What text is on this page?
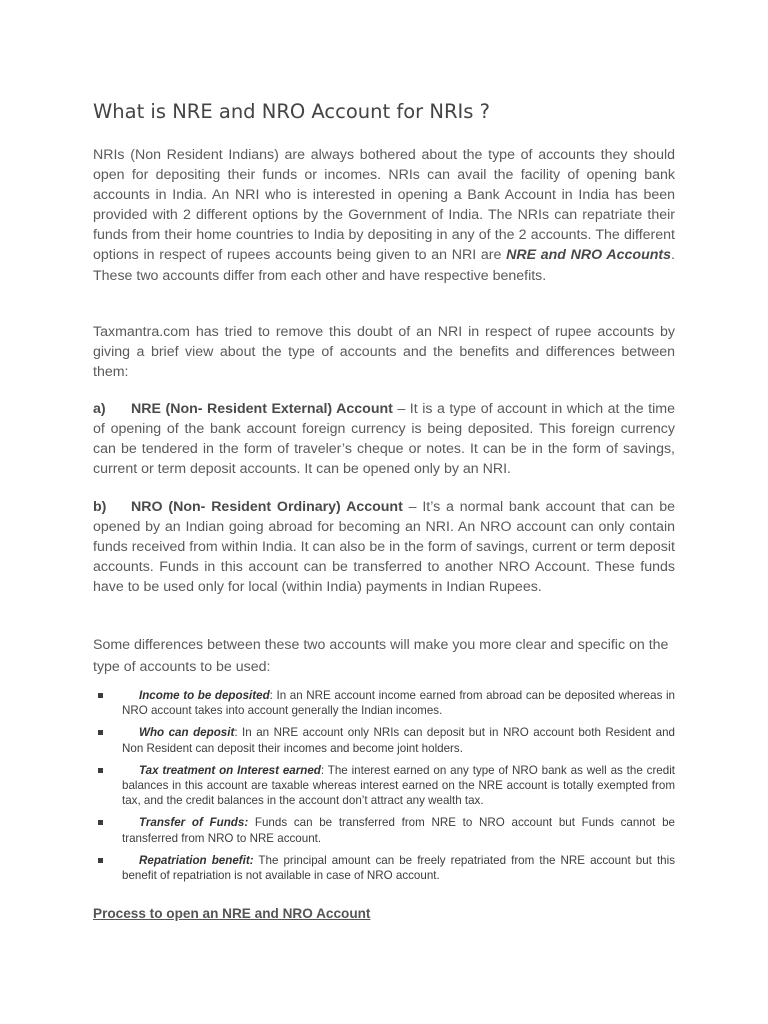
What is NRE and NRO Account for NRIs ?

NRIs (Non Resident Indians) are always bothered about the type of accounts they should open for depositing their funds or incomes. NRIs can avail the facility of opening bank accounts in India. An NRI who is interested in opening a Bank Account in India has been provided with 2 different options by the Government of India. The NRIs can repatriate their funds from their home countries to India by depositing in any of the 2 accounts. The different options in respect of rupees accounts being given to an NRI are NRE and NRO Accounts. These two accounts differ from each other and have respective benefits.

Taxmantra.com has tried to remove this doubt of an NRI in respect of rupee accounts by giving a brief view about the type of accounts and the benefits and differences between them:

a) NRE (Non- Resident External) Account – It is a type of account in which at the time of opening of the bank account foreign currency is being deposited. This foreign currency can be tendered in the form of traveler’s cheque or notes. It can be in the form of savings, current or term deposit accounts. It can be opened only by an NRI.

b) NRO (Non- Resident Ordinary) Account – It’s a normal bank account that can be opened by an Indian going abroad for becoming an NRI. An NRO account can only contain funds received from within India. It can also be in the form of savings, current or term deposit accounts. Funds in this account can be transferred to another NRO Account. These funds have to be used only for local (within India) payments in Indian Rupees.

Some differences between these two accounts will make you more clear and specific on the type of accounts to be used:

Income to be deposited: In an NRE account income earned from abroad can be deposited whereas in NRO account takes into account generally the Indian incomes.
Who can deposit: In an NRE account only NRIs can deposit but in NRO account both Resident and Non Resident can deposit their incomes and become joint holders.
Tax treatment on Interest earned: The interest earned on any type of NRO bank as well as the credit balances in this account are taxable whereas interest earned on the NRE account is totally exempted from tax, and the credit balances in the account don’t attract any wealth tax.
Transfer of Funds: Funds can be transferred from NRE to NRO account but Funds cannot be transferred from NRO to NRE account.
Repatriation benefit: The principal amount can be freely repatriated from the NRE account but this benefit of repatriation is not available in case of NRO account.

Process to open an NRE and NRO Account
